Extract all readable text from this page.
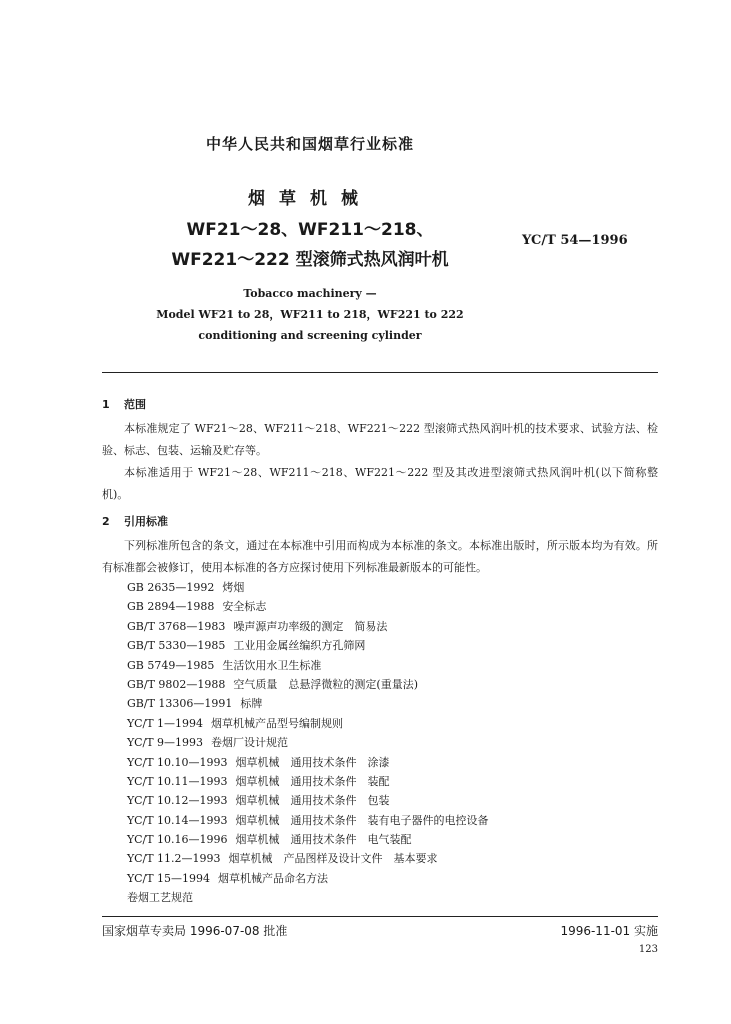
中华人民共和国烟草行业标准
烟草机械
WF21～28、WF211～218、
WF221～222 型滚筛式热风润叶机
YC/T 54—1996
Tobacco machinery —
Model WF21 to 28，WF211 to 218，WF221 to 222
conditioning and screening cylinder
1 范围
本标准规定了 WF21～28、WF211～218、WF221～222 型滚筛式热风润叶机的技术要求、试验方法、检验、标志、包装、运输及贮存等。
本标准适用于 WF21～28、WF211～218、WF221～222 型及其改进型滚筛式热风润叶机(以下简称整机)。
2 引用标准
下列标准所包含的条文，通过在本标准中引用而构成为本标准的条文。本标准出版时，所示版本均为有效。所有标准都会被修订，使用本标准的各方应探讨使用下列标准最新版本的可能性。
GB 2635—1992 烤烟
GB 2894—1988 安全标志
GB/T 3768—1983 噪声源声功率级的测定　简易法
GB/T 5330—1985 工业用金属丝编织方孔筛网
GB 5749—1985 生活饮用水卫生标准
GB/T 9802—1988 空气质量　总悬浮微粒的测定(重量法)
GB/T 13306—1991 标牌
YC/T 1—1994 烟草机械产品型号编制规则
YC/T 9—1993 卷烟厂设计规范
YC/T 10.10—1993 烟草机械　通用技术条件　涂漆
YC/T 10.11—1993 烟草机械　通用技术条件　装配
YC/T 10.12—1993 烟草机械　通用技术条件　包装
YC/T 10.14—1993 烟草机械　通用技术条件　装有电子器件的电控设备
YC/T 10.16—1996 烟草机械　通用技术条件　电气装配
YC/T 11.2—1993 烟草机械　产品图样及设计文件　基本要求
YC/T 15—1994 烟草机械产品命名方法
卷烟工艺规范
国家烟草专卖局 1996-07-08 批准	1996-11-01 实施
123
